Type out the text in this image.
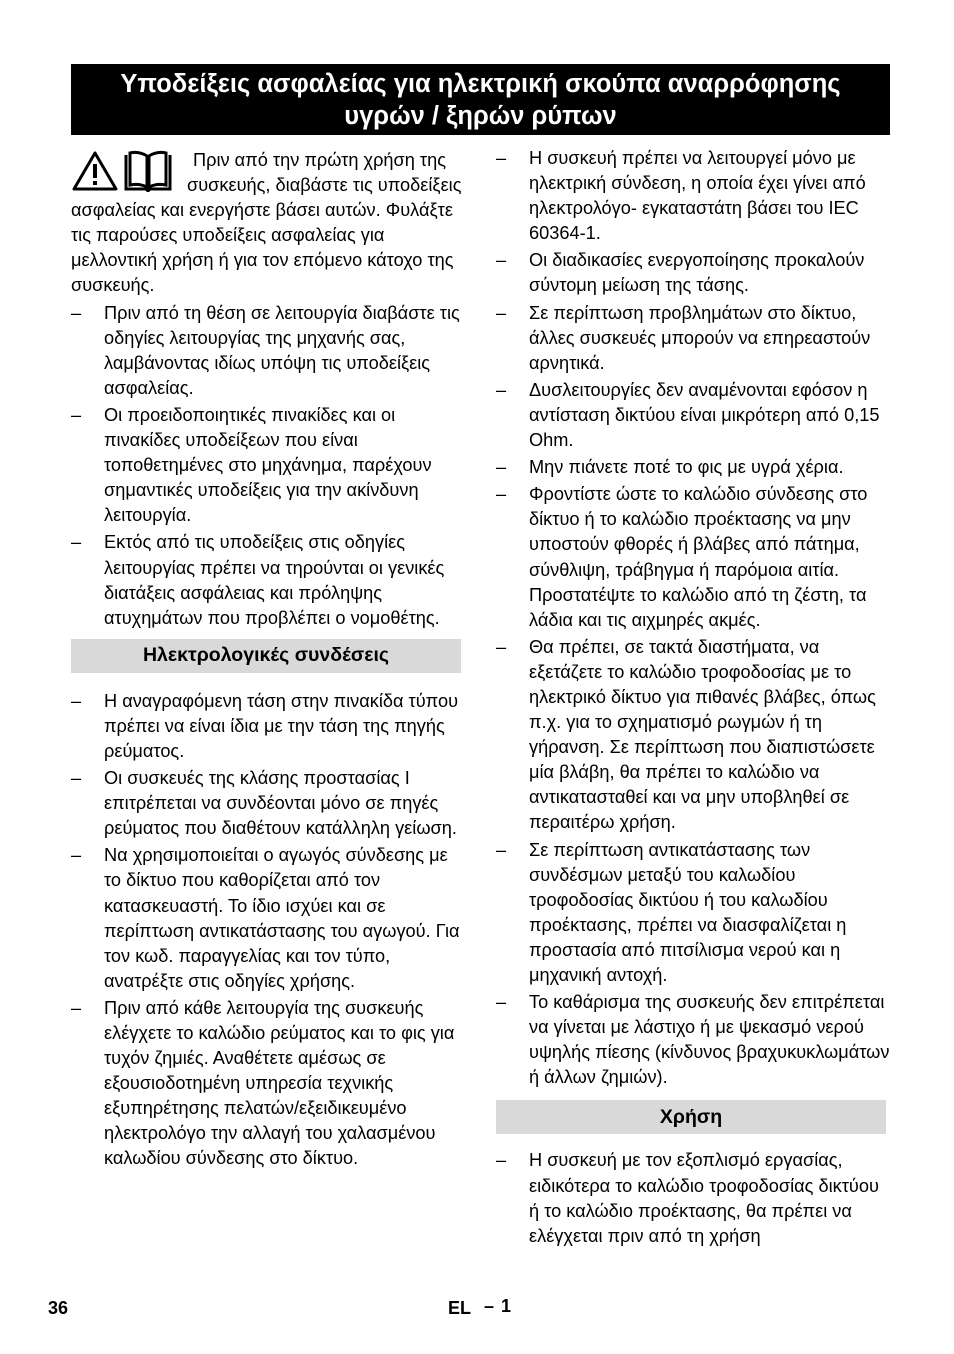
Υποδείξεις ασφαλείας για ηλεκτρική σκούπα αναρρόφησης
υγρών / ξηρών ρύπων

Πριν από την πρώτη χρήση της συσκευής, διαβάστε τις υποδείξεις ασφαλείας και ενεργήστε βάσει αυτών. Φυλάξτε τις παρούσες υποδείξεις ασφαλείας για μελλοντική χρήση ή για τον επόμενο κάτοχο της συσκευής.

–	Πριν από τη θέση σε λειτουργία διαβάστε τις οδηγίες λειτουργίας της μηχανής σας, λαμβάνοντας ιδίως υπόψη τις υποδείξεις ασφαλείας.

–	Οι προειδοποιητικές πινακίδες και οι πινακίδες υποδείξεων που είναι τοποθετημένες στο μηχάνημα, παρέχουν σημαντικές υποδείξεις για την ακίνδυνη λειτουργία.

–	Εκτός από τις υποδείξεις στις οδηγίες λειτουργίας πρέπει να τηρούνται οι γενικές διατάξεις ασφάλειας και πρόληψης ατυχημάτων που προβλέπει ο νομοθέτης.

Ηλεκτρολογικές συνδέσεις
–	Η αναγραφόμενη τάση στην πινακίδα τύπου πρέπει να είναι ίδια με την τάση της πηγής ρεύματος.

–	Οι συσκευές της κλάσης προστασίας I επιτρέπεται να συνδέονται μόνο σε πηγές ρεύματος που διαθέτουν κατάλληλη γείωση.

–	Να χρησιμοποιείται ο αγωγός σύνδεσης με το δίκτυο που καθορίζεται από τον κατασκευαστή. Το ίδιο ισχύει και σε περίπτωση αντικατάστασης του αγωγού. Για τον κωδ. παραγγελίας και τον τύπο, ανατρέξτε στις οδηγίες χρήσης.

–	Πριν από κάθε λειτουργία της συσκευής ελέγχετε το καλώδιο ρεύματος και το φις για τυχόν ζημιές. Αναθέτετε αμέσως σε εξουσιοδοτημένη υπηρεσία τεχνικής εξυπηρέτησης πελατών/εξειδικευμένο ηλεκτρολόγο την αλλαγή του χαλασμένου καλωδίου σύνδεσης στο δίκτυο.

–	Η συσκευή πρέπει να λειτουργεί μόνο με ηλεκτρική σύνδεση, η οποία έχει γίνει από ηλεκτρολόγο- εγκαταστάτη βάσει του IEC 60364-1.

–	Οι διαδικασίες ενεργοποίησης προκαλούν σύντομη μείωση της τάσης.

–	Σε περίπτωση προβλημάτων στο δίκτυο, άλλες συσκευές μπορούν να επηρεαστούν αρνητικά.

–	Δυσλειτουργίες δεν αναμένονται εφόσον η αντίσταση δικτύου είναι μικρότερη από 0,15 Ohm.

–	Μην πιάνετε ποτέ το φις με υγρά χέρια.

–	Φροντίστε ώστε το καλώδιο σύνδεσης στο δίκτυο ή το καλώδιο προέκτασης να μην υποστούν φθορές ή βλάβες από πάτημα, σύνθλιψη, τράβηγμα ή παρόμοια αιτία. Προστατέψτε το καλώδιο από τη ζέστη, τα λάδια και τις αιχμηρές ακμές.

–	Θα πρέπει, σε τακτά διαστήματα, να εξετάζετε το καλώδιο τροφοδοσίας με το ηλεκτρικό δίκτυο για πιθανές βλάβες, όπως π.χ. για το σχηματισμό ρωγμών ή τη γήρανση. Σε περίπτωση που διαπιστώσετε μία βλάβη, θα πρέπει το καλώδιο να αντικατασταθεί και να μην υποβληθεί σε περαιτέρω χρήση.

–	Σε περίπτωση αντικατάστασης των συνδέσμων μεταξύ του καλωδίου τροφοδοσίας δικτύου ή του καλωδίου προέκτασης, πρέπει να διασφαλίζεται η προστασία από πιτσίλισμα νερού και η μηχανική αντοχή.

–	Το καθάρισμα της συσκευής δεν επιτρέπεται να γίνεται με λάστιχο ή με ψεκασμό νερού υψηλής πίεσης (κίνδυνος βραχυκυκλωμάτων ή άλλων ζημιών).

Χρήση
–	Η συσκευή με τον εξοπλισμό εργασίας, ειδικότερα το καλώδιο τροφοδοσίας δικτύου ή το καλώδιο προέκτασης, θα πρέπει να ελέγχεται πριν από τη χρήση

36	EL – 1
